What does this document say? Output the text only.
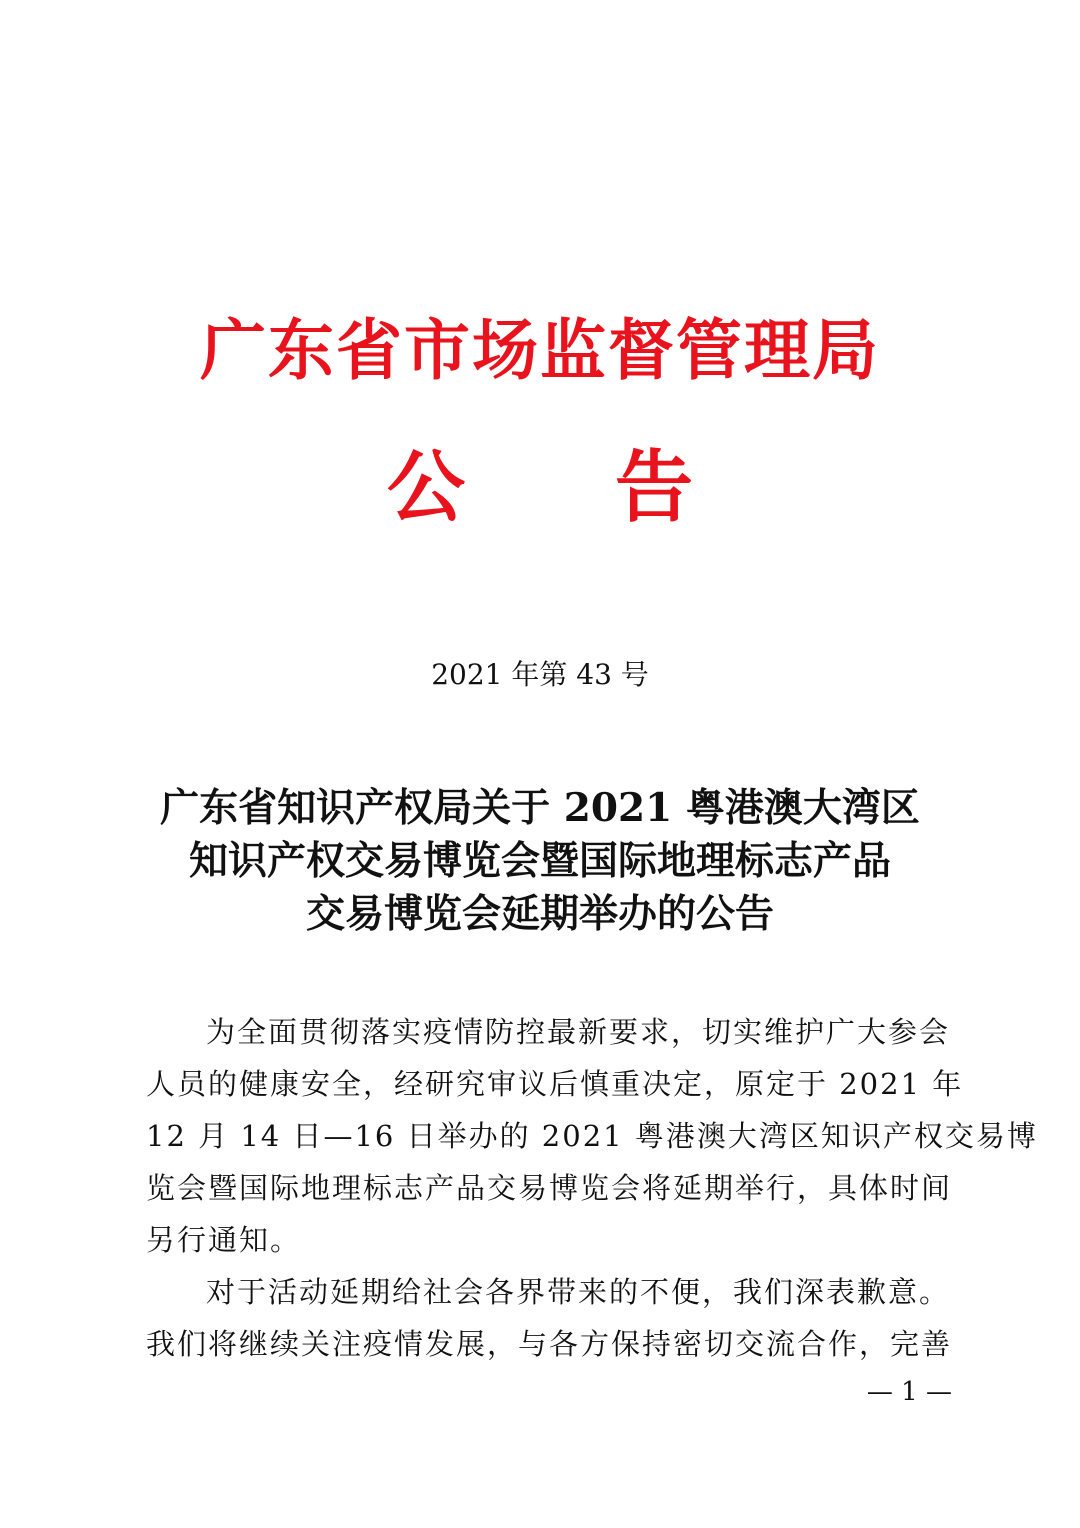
广东省市场监督管理局
公 告
2021 年第 43 号
广东省知识产权局关于 2021 粤港澳大湾区
知识产权交易博览会暨国际地理标志产品
交易博览会延期举办的公告
为全面贯彻落实疫情防控最新要求，切实维护广大参会
人员的健康安全，经研究审议后慎重决定，原定于 2021 年
12 月 14 日—16 日举办的 2021 粤港澳大湾区知识产权交易博
览会暨国际地理标志产品交易博览会将延期举行，具体时间
另行通知。
对于活动延期给社会各界带来的不便，我们深表歉意。
我们将继续关注疫情发展，与各方保持密切交流合作，完善
— 1 —
